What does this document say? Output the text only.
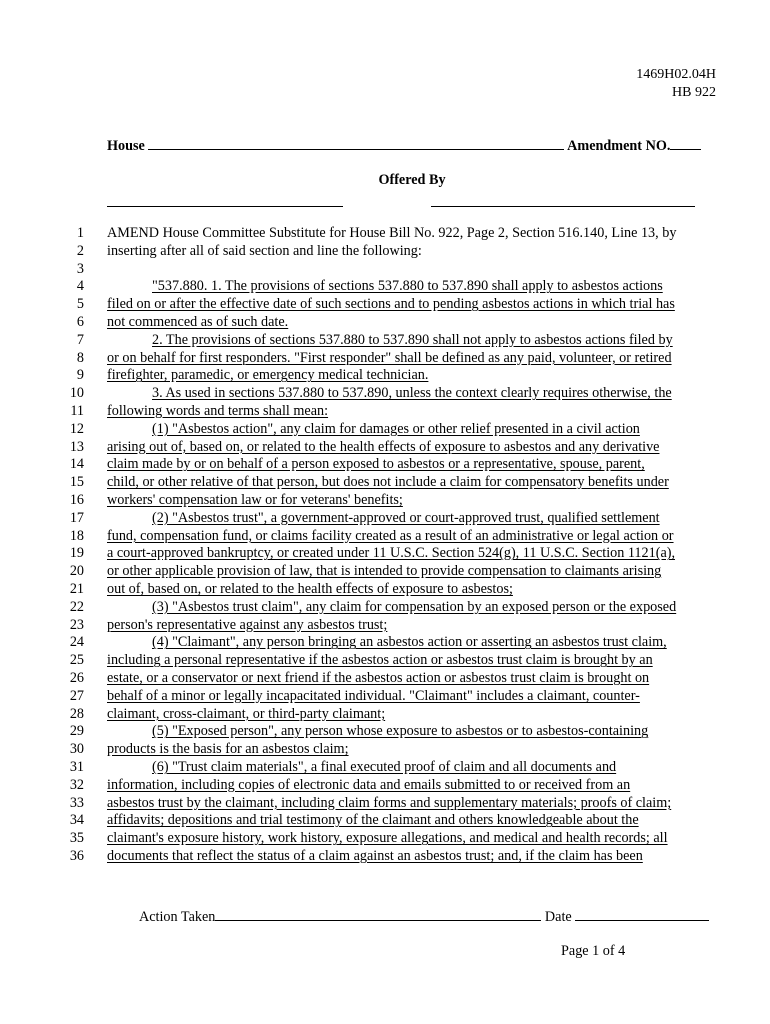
1469H02.04H
HB 922
House	Amendment NO.
Offered By
1 AMEND House Committee Substitute for House Bill No. 922, Page 2, Section 516.140, Line 13, by
2 inserting after all of said section and line the following:
3
4	"537.880. 1. The provisions of sections 537.880 to 537.890 shall apply to asbestos actions
5 filed on or after the effective date of such sections and to pending asbestos actions in which trial has
6 not commenced as of such date.
7	2. The provisions of sections 537.880 to 537.890 shall not apply to asbestos actions filed by
8 or on behalf for first responders. "First responder" shall be defined as any paid, volunteer, or retired
9 firefighter, paramedic, or emergency medical technician.
10	3. As used in sections 537.880 to 537.890, unless the context clearly requires otherwise, the
11 following words and terms shall mean:
12	(1) "Asbestos action", any claim for damages or other relief presented in a civil action
13 arising out of, based on, or related to the health effects of exposure to asbestos and any derivative
14 claim made by or on behalf of a person exposed to asbestos or a representative, spouse, parent,
15 child, or other relative of that person, but does not include a claim for compensatory benefits under
16 workers' compensation law or for veterans' benefits;
17	(2) "Asbestos trust", a government-approved or court-approved trust, qualified settlement
18 fund, compensation fund, or claims facility created as a result of an administrative or legal action or
19 a court-approved bankruptcy, or created under 11 U.S.C. Section 524(g), 11 U.S.C. Section 1121(a),
20 or other applicable provision of law, that is intended to provide compensation to claimants arising
21 out of, based on, or related to the health effects of exposure to asbestos;
22	(3) "Asbestos trust claim", any claim for compensation by an exposed person or the exposed
23 person's representative against any asbestos trust;
24	(4) "Claimant", any person bringing an asbestos action or asserting an asbestos trust claim,
25 including a personal representative if the asbestos action or asbestos trust claim is brought by an
26 estate, or a conservator or next friend if the asbestos action or asbestos trust claim is brought on
27 behalf of a minor or legally incapacitated individual. "Claimant" includes a claimant, counter-
28 claimant, cross-claimant, or third-party claimant;
29	(5) "Exposed person", any person whose exposure to asbestos or to asbestos-containing
30 products is the basis for an asbestos claim;
31	(6) "Trust claim materials", a final executed proof of claim and all documents and
32 information, including copies of electronic data and emails submitted to or received from an
33 asbestos trust by the claimant, including claim forms and supplementary materials; proofs of claim;
34 affidavits; depositions and trial testimony of the claimant and others knowledgeable about the
35 claimant's exposure history, work history, exposure allegations, and medical and health records; all
36 documents that reflect the status of a claim against an asbestos trust; and, if the claim has been
Action Taken	Date
Page 1 of 4
